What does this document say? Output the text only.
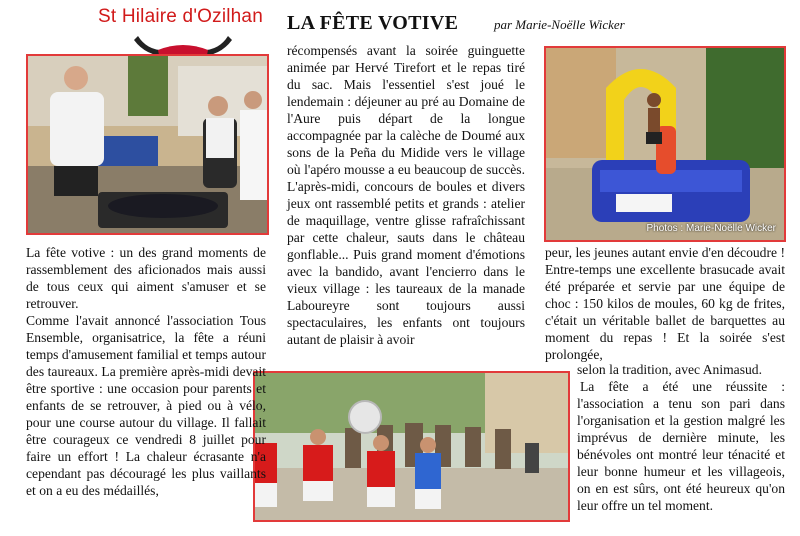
St Hilaire d'Ozilhan LA FÊTE VOTIVE	par Marie-Noëlle Wicker
Photos : Marie-Noëlle Wicker

La fête votive : un des grand moments de rassemblement des aficionados mais aussi de tous ceux qui aiment s'amuser et se retrouver.

Comme l'avait annoncé l'association Tous Ensemble, organisatrice, la fête a réuni temps d'amusement familial et temps autour des taureaux. La première après-midi devait être sportive : une occasion pour parents et enfants de se retrouver, à pied ou à vélo, pour une course autour du village. Il fallait être courageux ce vendredi 8 juillet pour faire un effort ! La chaleur écrasante n'a cependant pas découragé les plus vaillants et on a eu des médaillés,

récompensés avant la soirée guinguette animée par Hervé Tirefort et le repas tiré du sac. Mais l'essentiel s'est joué le lendemain : déjeuner au pré au Domaine de l'Aure puis départ de la longue accompagnée par la calèche de Doumé aux sons de la Peña du Midide vers le village où l'apéro mousse a eu beaucoup de succès. L'après-midi, concours de boules et divers jeux ont rassemblé petits et grands : atelier de maquillage, ventre glisse rafraîchissant par cette chaleur, sauts dans le château gonflable... Puis grand moment d'émotions avec la bandido, avant l'encierro dans le vieux village : les taureaux de la manade Laboureyre sont toujours aussi spectaculaires, les enfants ont toujours autant de plaisir à avoir

peur, les jeunes autant envie d'en découdre ! Entre-temps une excellente brasucade avait été préparée et servie par une équipe de choc : 150 kilos de moules, 60 kg de frites, c'était un véritable ballet de barquettes au moment du repas ! Et la soirée s'est prolongée,

selon la tradition, avec Animasud.

La fête a été une réussite : l'association a tenu son pari dans l'organisation et la gestion malgré les imprévus de dernière minute, les bénévoles ont montré leur ténacité et leur bonne humeur et les villageois, on en est sûrs, ont été heureux qu'on leur offre un tel moment.
